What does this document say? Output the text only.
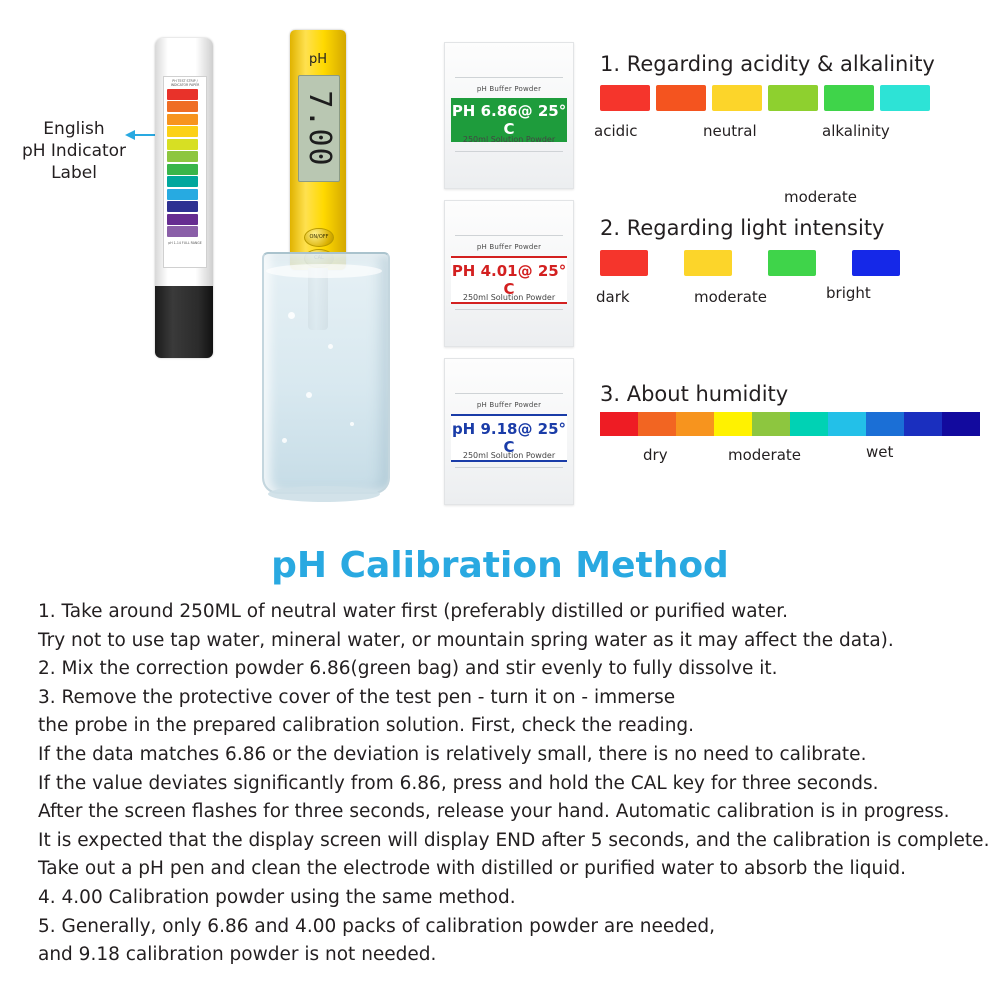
English
pH Indicator
Label
PH TEST STRIP / INDICATOR PAPER
pH 1-14 FULL RANGE
pH
7.00
ON/OFF
pH Buffer Powder
PH 6.86@ 25° C
250ml Solution Powder
pH Buffer Powder
PH 4.01@ 25° C
250ml Solution Powder
pH Buffer Powder
pH 9.18@ 25° C
250ml Solution Powder
1. Regarding acidity & alkalinity
acidic	neutral	alkalinity
moderate
2. Regarding light intensity
dark	moderate	bright
3. About humidity
dry	moderate	wet
pH Calibration Method
1. Take around 250ML of neutral water first (preferably distilled or purified water.
Try not to use tap water, mineral water, or mountain spring water as it may affect the data).
2. Mix the correction powder 6.86(green bag) and stir evenly to fully dissolve it.
3. Remove the protective cover of the test pen - turn it on - immerse
the probe in the prepared calibration solution. First, check the reading.
If the data matches 6.86 or the deviation is relatively small, there is no need to calibrate.
If the value deviates significantly from 6.86, press and hold the CAL key for three seconds.
After the screen flashes for three seconds, release your hand. Automatic calibration is in progress.
It is expected that the display screen will display END after 5 seconds, and the calibration is complete.
Take out a pH pen and clean the electrode with distilled or purified water to absorb the liquid.
4. 4.00 Calibration powder using the same method.
5. Generally, only 6.86 and 4.00 packs of calibration powder are needed,
and 9.18 calibration powder is not needed.
